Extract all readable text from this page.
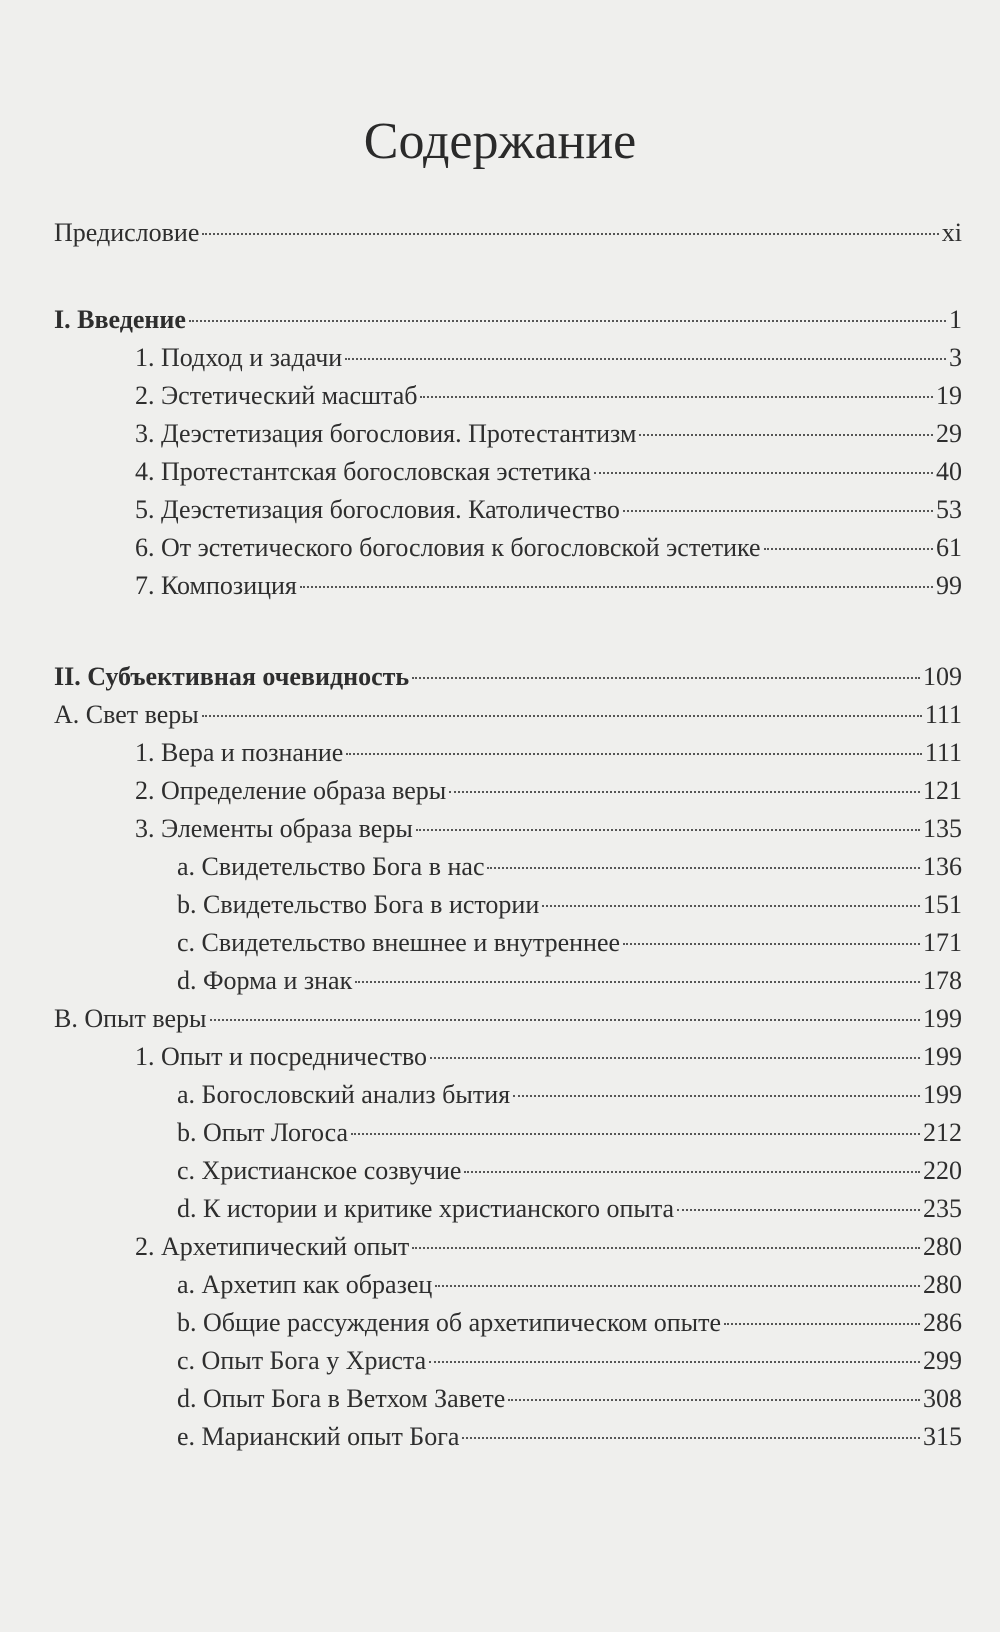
Содержание
Предисловие	xi
I. Введение	1
1. Подход и задачи	3
2. Эстетический масштаб	19
3. Деэстетизация богословия. Протестантизм	29
4. Протестантская богословская эстетика	40
5. Деэстетизация богословия. Католичество	53
6. От эстетического богословия к богословской эстетике	61
7. Композиция	99
II. Субъективная очевидность	109
A. Свет веры	111
1. Вера и познание	111
2. Определение образа веры	121
3. Элементы образа веры	135
a. Свидетельство Бога в нас	136
b. Свидетельство Бога в истории	151
c. Свидетельство внешнее и внутреннее	171
d. Форма и знак	178
B. Опыт веры	199
1. Опыт и посредничество	199
a. Богословский анализ бытия	199
b. Опыт Логоса	212
c. Христианское созвучие	220
d. К истории и критике христианского опыта	235
2. Архетипический опыт	280
a. Архетип как образец	280
b. Общие рассуждения об архетипическом опыте	286
c. Опыт Бога у Христа	299
d. Опыт Бога в Ветхом Завете	308
e. Марианский опыт Бога	315
